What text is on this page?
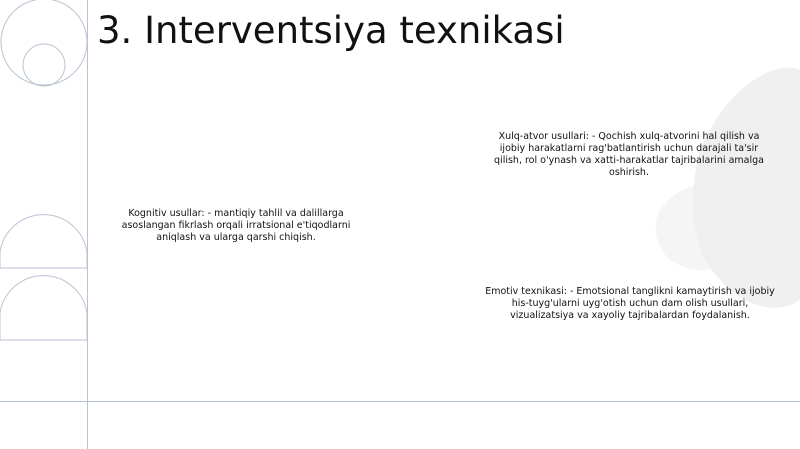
3. Interventsiya texnikasi

Kognitiv usullar: - mantiqiy tahlil va dalillarga asoslangan fikrlash orqali irratsional e'tiqodlarni aniqlash va ularga qarshi chiqish.

Xulq-atvor usullari: - Qochish xulq-atvorini hal qilish va ijobiy harakatlarni rag'batlantirish uchun darajali ta'sir qilish, rol o'ynash va xatti-harakatlar tajribalarini amalga oshirish.

Emotiv texnikasi: - Emotsional tanglikni kamaytirish va ijobiy his-tuyg'ularni uyg'otish uchun dam olish usullari, vizualizatsiya va xayoliy tajribalardan foydalanish.
